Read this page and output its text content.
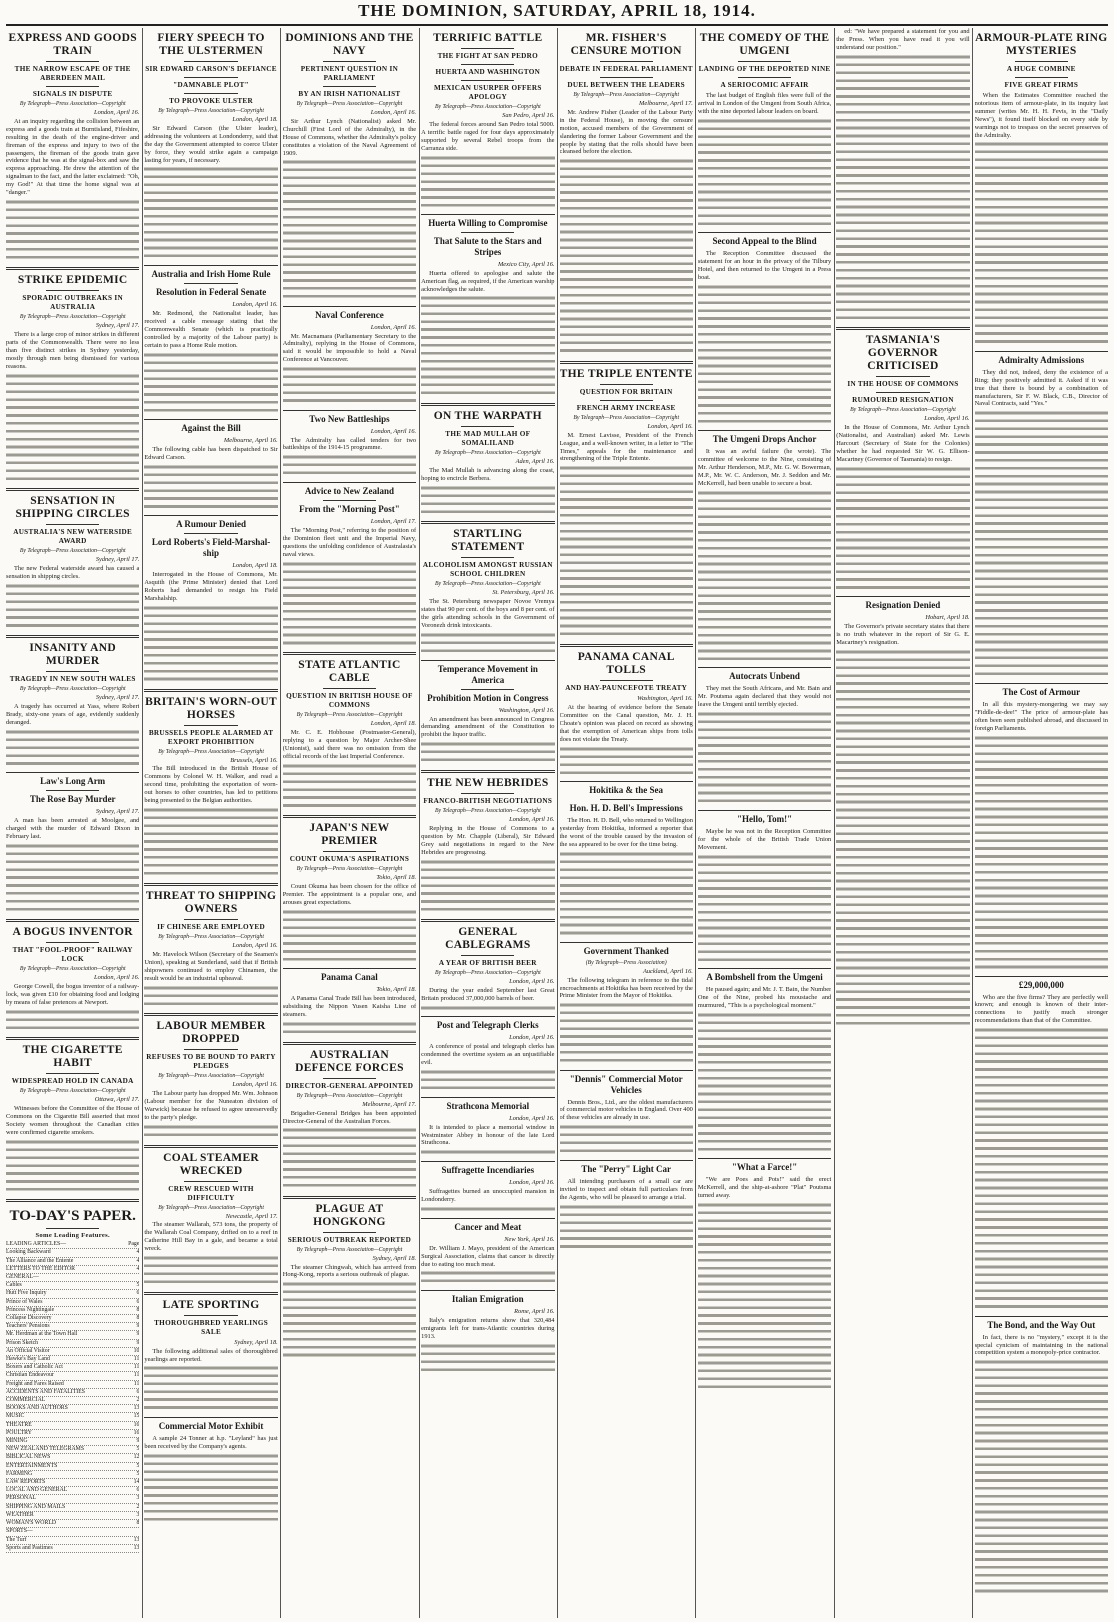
THE DOMINION, SATURDAY, APRIL 18, 1914.
EXPRESS AND GOODS TRAIN
THE NARROW ESCAPE OF THE ABERDEEN MAIL
SIGNALS IN DISPUTE
By Telegraph—Press Association—Copyright
London, April 16.

At an inquiry regarding the collision between an express and a goods train at Burntisland, Fifeshire, resulting in the death of the engine-driver and fireman of the express and injury to two of the passengers, the fireman of the goods train gave evidence that he was at the signal-box and saw the express approaching. He drew the attention of the signalman to the fact, and the latter exclaimed: "Oh, my God!" At that time the home signal was at "danger."

STRIKE EPIDEMIC
SPORADIC OUTBREAKS IN AUSTRALIA
By Telegraph—Press Association—Copyright
Sydney, April 17.

There is a large crop of minor strikes in different parts of the Commonwealth. There were no less than five distinct strikes in Sydney yesterday, mostly through men being dismissed for various reasons.

SENSATION IN SHIPPING CIRCLES
AUSTRALIA'S NEW WATERSIDE AWARD
By Telegraph—Press Association—Copyright
Sydney, April 17.

The new Federal waterside award has caused a sensation in shipping circles.

INSANITY AND MURDER
TRAGEDY IN NEW SOUTH WALES
By Telegraph—Press Association—Copyright
Sydney, April 17.

A tragedy has occurred at Yass, where Robert Brady, sixty-one years of age, evidently suddenly deranged.

Law's Long Arm
The Rose Bay Murder
Sydney, April 17.

A man has been arrested at Moolgee, and charged with the murder of Edward Dixon in February last.

A BOGUS INVENTOR
THAT "FOOL-PROOF" RAILWAY LOCK
By Telegraph—Press Association—Copyright
London, April 16.

George Cowell, the bogus inventor of a railway-lock, was given £10 for obtaining food and lodging by means of false pretences at Newport.

THE CIGARETTE HABIT
WIDESPREAD HOLD IN CANADA
By Telegraph—Press Association—Copyright
Ottawa, April 17.

Witnesses before the Committee of the House of Commons on the Cigarette Bill asserted that most Society women throughout the Canadian cities were confirmed cigarette smokers.

TO-DAY'S PAPER.
Some Leading Features.
LEADING ARTICLES—	Page
Looking Backward	4
The Alliance and the Entente	4
LETTERS TO THE EDITOR	4
GENERAL—
Cables	5
Hutt Five Inquiry	6
Prince of Wales	6
Princess Nightingale	8
Collapse Discovery	8
Teachers' Pensions	9
Mr. Herdman at the Town Hall	9
Prison Sketch	9
An Official Visitor	10
Hawke's Bay Land	11
Boxers and Catholic Act	11
Christian Endeavour	11
Freight and Fares Raised	11
ACCIDENTS AND FATALITIES	6
COMMERCIAL	2
BOOKS AND AUTHORS	13
MUSIC	15
THEATRE	16
POULTRY	16
MINING	9
NEW ZEALAND TELEGRAMS	5
BIBLICAL NEWS	12
ENTERTAINMENTS	5
FARMING	5
LAW REPORTS	14
LOCAL AND GENERAL	6
PERSONAL	3
SHIPPING AND MAILS	2
WEATHER	3
WOMAN'S WORLD	8
SPORTS—
The Turf	13
Sports and Pastimes	13
FIERY SPEECH TO THE ULSTERMEN
SIR EDWARD CARSON'S DEFIANCE
"DAMNABLE PLOT"
TO PROVOKE ULSTER
By Telegraph—Press Association—Copyright
London, April 18.

Sir Edward Carson (the Ulster leader), addressing the volunteers at Londonderry, said that the day the Government attempted to coerce Ulster by force, they would strike again a campaign lasting for years, if necessary.

Australia and Irish Home Rule
Resolution in Federal Senate
London, April 16.

Mr. Redmond, the Nationalist leader, has received a cable message stating that the Commonwealth Senate (which is practically controlled by a majority of the Labour party) is certain to pass a Home Rule motion.

Against the Bill
Melbourne, April 16.

The following cable has been dispatched to Sir Edward Carson.

A Rumour Denied
Lord Roberts's Field-Marshal-ship
London, April 18.

Interrogated in the House of Commons, Mr. Asquith (the Prime Minister) denied that Lord Roberts had demanded to resign his Field Marshalship.

BRITAIN'S WORN-OUT HORSES
BRUSSELS PEOPLE ALARMED AT EXPORT PROHIBITION
By Telegraph—Press Association—Copyright
Brussels, April 16.

The Bill introduced in the British House of Commons by Colonel W. H. Walker, and read a second time, prohibiting the exportation of worn-out horses to other countries, has led to petitions being presented to the Belgian authorities.

THREAT TO SHIPPING OWNERS
IF CHINESE ARE EMPLOYED
By Telegraph—Press Association—Copyright
London, April 16.

Mr. Havelock Wilson (Secretary of the Seamen's Union), speaking at Sunderland, said that if British shipowners continued to employ Chinamen, the result would be an industrial upheaval.

LABOUR MEMBER DROPPED
REFUSES TO BE BOUND TO PARTY PLEDGES
By Telegraph—Press Association—Copyright
London, April 16.

The Labour party has dropped Mr. Wm. Johnson (Labour member for the Nuneaton division of Warwick) because he refused to agree unreservedly to the party's pledge.

COAL STEAMER WRECKED
CREW RESCUED WITH DIFFICULTY
By Telegraph—Press Association—Copyright
Newcastle, April 17.

The steamer Wallarah, 573 tons, the property of the Wallarah Coal Company, drifted on to a reef in Catherine Hill Bay in a gale, and became a total wreck.

LATE SPORTING
THOROUGHBRED YEARLINGS SALE
Sydney, April 18.

The following additional sales of thoroughbred yearlings are reported.

Commercial Motor Exhibit

A sample 24 Tonner at h.p. "Leyland" has just been received by the Company's agents.

DOMINIONS AND THE NAVY
PERTINENT QUESTION IN PARLIAMENT
BY AN IRISH NATIONALIST
By Telegraph—Press Association—Copyright
London, April 16.

Sir Arthur Lynch (Nationalist) asked Mr. Churchill (First Lord of the Admiralty), in the House of Commons, whether the Admiralty's policy constitutes a violation of the Naval Agreement of 1909.

Naval Conference
London, April 16.

Mr. Macnamara (Parliamentary Secretary to the Admiralty), replying in the House of Commons, said it would be impossible to hold a Naval Conference at Vancouver.

Two New Battleships
London, April 16.

The Admiralty has called tenders for two battleships of the 1914-15 programme.

Advice to New Zealand
From the "Morning Post"
London, April 17.

The "Morning Post," referring to the position of the Dominion fleet unit and the Imperial Navy, questions the unfolding confidence of Australasia's naval views.

STATE ATLANTIC CABLE
QUESTION IN BRITISH HOUSE OF COMMONS
By Telegraph—Press Association—Copyright
London, April 18.

Mr. C. E. Hobhouse (Postmaster-General), replying to a question by Major Archer-Shee (Unionist), said there was no omission from the official records of the last Imperial Conference.

JAPAN'S NEW PREMIER
COUNT OKUMA'S ASPIRATIONS
By Telegraph—Press Association—Copyright
Tokio, April 18.

Count Okuma has been chosen for the office of Premier. The appointment is a popular one, and arouses great expectations.

Panama Canal
Tokio, April 18.

A Panama Canal Trade Bill has been introduced, subsidising the Nippon Yusen Kaisha Line of steamers.

AUSTRALIAN DEFENCE FORCES
DIRECTOR-GENERAL APPOINTED
By Telegraph—Press Association—Copyright
Melbourne, April 17.

Brigadier-General Bridges has been appointed Director-General of the Australian Forces.

PLAGUE AT HONGKONG
SERIOUS OUTBREAK REPORTED
By Telegraph—Press Association—Copyright
Sydney, April 18.

The steamer Chingwah, which has arrived from Hong-Kong, reports a serious outbreak of plague.

TERRIFIC BATTLE
THE FIGHT AT SAN PEDRO
HUERTA AND WASHINGTON
MEXICAN USURPER OFFERS APOLOGY
By Telegraph—Press Association—Copyright
San Pedro, April 16.

The federal forces around San Pedro total 5000. A terrific battle raged for four days approximately supported by several Rebel troops from the Carranza side.

Huerta Willing to Compromise
That Salute to the Stars and Stripes
Mexico City, April 16.

Huerta offered to apologise and salute the American flag, as required, if the American warship acknowledges the salute.

ON THE WARPATH
THE MAD MULLAH OF SOMALILAND
By Telegraph—Press Association—Copyright
Aden, April 16.

The Mad Mullah is advancing along the coast, hoping to encircle Berbera.

STARTLING STATEMENT
ALCOHOLISM AMONGST RUSSIAN SCHOOL CHILDREN
By Telegraph—Press Association—Copyright
St. Petersburg, April 16.

The St. Petersburg newspaper Novoe Vremya states that 90 per cent. of the boys and 8 per cent. of the girls attending schools in the Government of Voronezh drink intoxicants.

Temperance Movement in America
Prohibition Motion in Congress
Washington, April 16.

An amendment has been announced in Congress demanding amendment of the Constitution to prohibit the liquor traffic.

THE NEW HEBRIDES
FRANCO-BRITISH NEGOTIATIONS
By Telegraph—Press Association—Copyright
London, April 16.

Replying in the House of Commons to a question by Mr. Chapple (Liberal), Sir Edward Grey said negotiations in regard to the New Hebrides are progressing.

GENERAL CABLEGRAMS
A YEAR OF BRITISH BEER
By Telegraph—Press Association—Copyright
London, April 16.

During the year ended September last Great Britain produced 37,000,000 barrels of beer.

Post and Telegraph Clerks
London, April 16.

A conference of postal and telegraph clerks has condemned the overtime system as an unjustifiable evil.

Strathcona Memorial
London, April 16.

It is intended to place a memorial window in Westminster Abbey in honour of the late Lord Strathcona.

Suffragette Incendiaries
London, April 16.

Suffragettes burned an unoccupied mansion in Londonderry.

Cancer and Meat
New York, April 16.

Dr. William J. Mayo, president of the American Surgical Association, claims that cancer is directly due to eating too much meat.

Italian Emigration
Rome, April 16.

Italy's emigration returns show that 320,484 emigrants left for trans-Atlantic countries during 1913.

MR. FISHER'S CENSURE MOTION
DEBATE IN FEDERAL PARLIAMENT
DUEL BETWEEN THE LEADERS
By Telegraph—Press Association—Copyright
Melbourne, April 17.

Mr. Andrew Fisher (Leader of the Labour Party in the Federal House), in moving the censure motion, accused members of the Government of slandering the former Labour Government and the people by stating that the rolls should have been cleansed before the election.

THE TRIPLE ENTENTE
QUESTION FOR BRITAIN
FRENCH ARMY INCREASE
By Telegraph—Press Association—Copyright
London, April 16.

M. Ernest Lavisse, President of the French League, and a well-known writer, in a letter to "The Times," appeals for the maintenance and strengthening of the Triple Entente.

PANAMA CANAL TOLLS
AND HAY-PAUNCEFOTE TREATY
Washington, April 16.

At the hearing of evidence before the Senate Committee on the Canal question, Mr. J. H. Choate's opinion was placed on record as showing that the exemption of American ships from tolls does not violate the Treaty.

Hokitika & the Sea
Hon. H. D. Bell's Impressions

The Hon. H. D. Bell, who returned to Wellington yesterday from Hokitika, informed a reporter that the worst of the trouble caused by the invasion of the sea appeared to be over for the time being.

Government Thanked
(By Telegraph—Press Association)
Auckland, April 16.

The following telegram in reference to the tidal encroachments at Hokitika has been received by the Prime Minister from the Mayor of Hokitika.

"Dennis" Commercial Motor Vehicles

Dennis Bros., Ltd., are the oldest manufacturers of commercial motor vehicles in England. Over 400 of these vehicles are already in use.

The "Perry" Light Car

All intending purchasers of a small car are invited to inspect and obtain full particulars from the Agents, who will be pleased to arrange a trial.

THE COMEDY OF THE UMGENI
LANDING OF THE DEPORTED NINE
A SERIOCOMIC AFFAIR

The last budget of English files were full of the arrival in London of the Umgeni from South Africa, with the nine deported labour leaders on board.

Second Appeal to the Blind

The Reception Committee discussed the statement for an hour in the privacy of the Tilbury Hotel, and then returned to the Umgeni in a Press boat.

The Umgeni Drops Anchor

It was an awful failure (he wrote). The committee of welcome to the Nine, consisting of Mr. Arthur Henderson, M.P., Mr. G. W. Bowerman, M.P., Mr. W. C. Anderson, Mr. J. Seddon and Mr. McKerrell, had been unable to secure a boat.

Autocrats Unbend

They met the South Africans, and Mr. Bain and Mr. Poutsma again declared that they would not leave the Umgeni until terribly ejected.

"Hello, Tom!"

Maybe he was not in the Reception Committee for the whole of the British Trade Union Movement.

A Bombshell from the Umgeni

He paused again; and Mr. J. T. Bain, the Number One of the Nine, probed his moustache and murmured, "This is a psychological moment."

"What a Farce!"

"We are Poes and Pots!" said the erect McKerrell, and the ship-at-ashore "Plat" Poutsma turned away.

ed: "We have prepared a statement for you and the Press. When you have read it you will understand our position."

TASMANIA'S GOVERNOR CRITICISED
IN THE HOUSE OF COMMONS
RUMOURED RESIGNATION
By Telegraph—Press Association—Copyright
London, April 16.

In the House of Commons, Mr. Arthur Lynch (Nationalist, and Australian) asked Mr. Lewis Harcourt (Secretary of State for the Colonies) whether he had requested Sir W. G. Ellison-Macartney (Governor of Tasmania) to resign.

Resignation Denied
Hobart, April 18.

The Governor's private secretary states that there is no truth whatever in the report of Sir G. E. Macartney's resignation.

ARMOUR-PLATE RING MYSTERIES
A HUGE COMBINE
FIVE GREAT FIRMS

When the Estimates Committee reached the notorious item of armour-plate, in its inquiry last summer (writes Mr. H. H. Fevis, in the "Daily News"), it found itself blocked on every side by warnings not to trespass on the secret preserves of the Admiralty.

Admiralty Admissions

They did not, indeed, deny the existence of a Ring; they positively admitted it. Asked if it was true that there is bound by a combination of manufacturers, Sir F. W. Black, C.B., Director of Naval Contracts, said "Yes."

The Cost of Armour

In all this mystery-mongering we may say "Fiddle-de-dee!" The price of armour-plate has often been seen published abroad, and discussed in foreign Parliaments.

£29,000,000

Who are the five firms? They are perfectly well known; and enough is known of their inter-connections to justify much stronger recommendations than that of the Committee.

The Bond, and the Way Out

In fact, there is no "mystery," except it is the special cynicism of maintaining in the national competition system a monopoly-price contractor.
